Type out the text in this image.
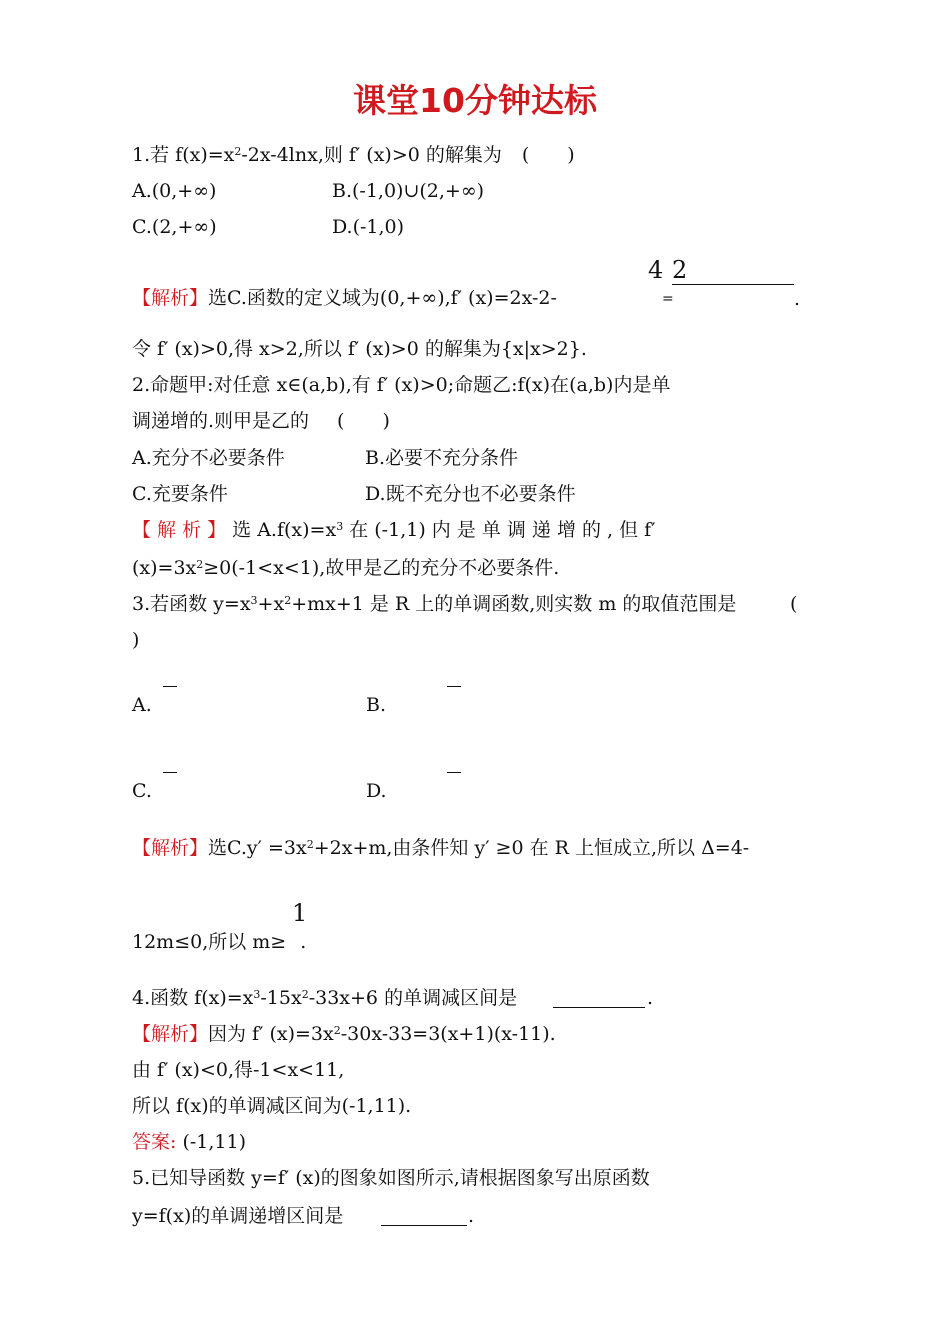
课堂10分钟达标
1.若 $f(x)=x^2-2x-4\ln x$,则 f′ (x)>0 的解集为 (　　)
A.(0,+∞)	B.(-1,0)∪(2,+∞)
C.(2,+∞)	D.(-1,0)
4 2
【解析】选C.函数的定义域为(0,+∞),f′ (x)=2x-2-	=	.
令 f′ (x)>0,得 x>2,所以 f′ (x)>0 的解集为{x|x>2}.
2.命题甲:对任意 x∈(a,b),有 f′ (x)>0;命题乙:f(x)在(a,b)内是单
调递增的.则甲是乙的 (　　)
A.充分不必要条件	B.必要不充分条件
C.充要条件	D.既不充分也不必要条件
【 解 析 】 选 $A.f(x)=x^3$ 在 (-1,1) 内 是 单 调 递 增 的 , 但 f′
$(x)=3x^2\ge 0(-1<x<1)$,故甲是乙的充分不必要条件.
3.若函数 $y=x^3+x^2+mx+1$ 是 R 上的单调函数,则实数 m 的取值范围是	(
)
A.	B.
C.	D.
【解析】选$C.y' =3x^2+2x+m$,由条件知 y′ ≥0 在 R 上恒成立,所以 Δ=4-
1
12m≤0,所以 m≥ .
4.函数 $f(x)=x^3-15x^2-33x+6$ 的单调减区间是	.
【解析】因为 f′ $(x)=3x^2-30x-33=3(x+1)(x-11)$.
由 f′ (x)<0,得-1<x<11,
所以 f(x)的单调减区间为(-1,11).
答案: (-1,11)
5.已知导函数 y=f′ (x)的图象如图所示,请根据图象写出原函数
y=f(x)的单调递增区间是	.
